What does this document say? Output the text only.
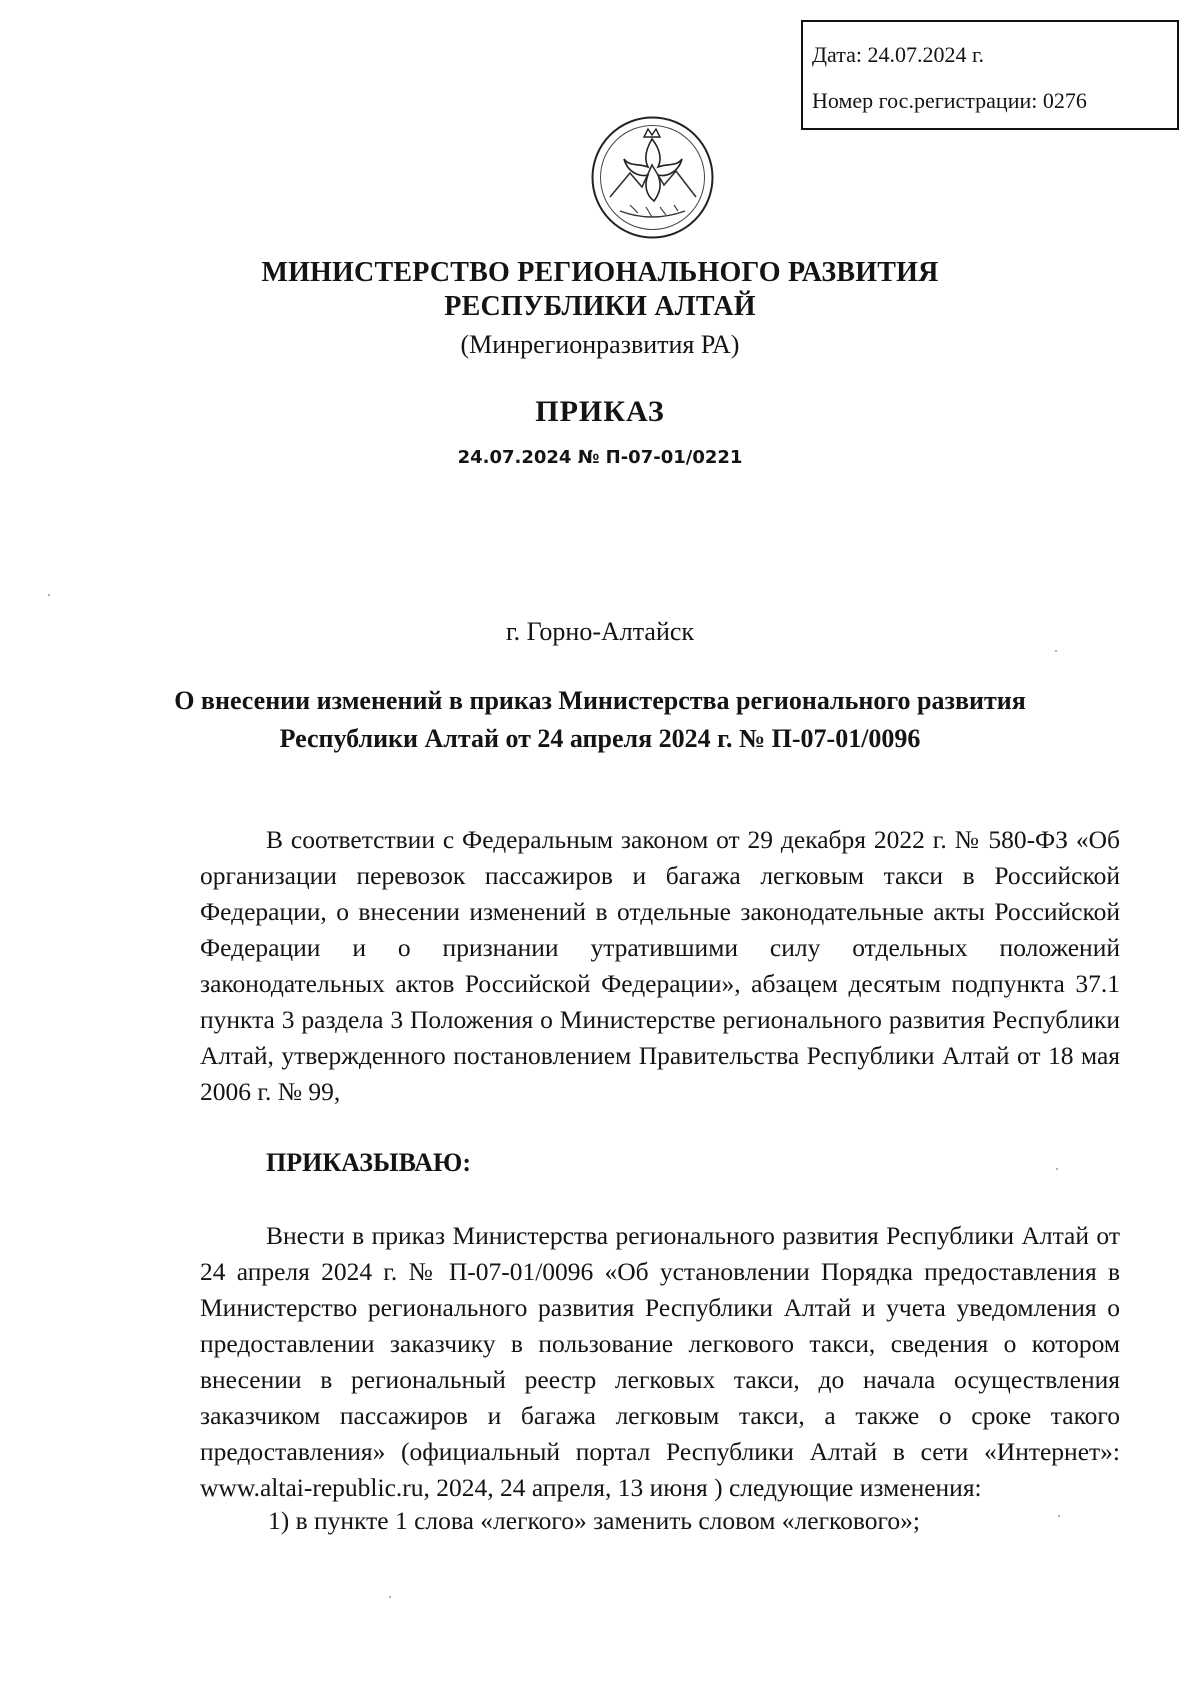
Дата: 24.07.2024 г.
Номер гос.регистрации: 0276
МИНИСТЕРСТВО РЕГИОНАЛЬНОГО РАЗВИТИЯ
РЕСПУБЛИКИ АЛТАЙ
(Минрегионразвития РА)
ПРИКАЗ
24.07.2024 № П-07-01/0221
г. Горно-Алтайск
О внесении изменений в приказ Министерства регионального развития
Республики Алтай от 24 апреля 2024 г. № П-07-01/0096

В соответствии с Федеральным законом от 29 декабря 2022 г. № 580-ФЗ «Об организации перевозок пассажиров и багажа легковым такси в Российской Федерации, о внесении изменений в отдельные законодательные акты Российской Федерации и о признании утратившими силу отдельных положений законодательных актов Российской Федерации», абзацем десятым подпункта 37.1 пункта 3 раздела 3 Положения о Министерстве регионального развития Республики Алтай, утвержденного постановлением Правительства Республики Алтай от 18 мая 2006 г. № 99,

ПРИКАЗЫВАЮ:

Внести в приказ Министерства регионального развития Республики Алтай от 24 апреля 2024 г. № П-07-01/0096 «Об установлении Порядка предоставления в Министерство регионального развития Республики Алтай и учета уведомления о предоставлении заказчику в пользование легкового такси, сведения о котором внесении в региональный реестр легковых такси, до начала осуществления заказчиком пассажиров и багажа легковым такси, а также о сроке такого предоставления» (официальный портал Республики Алтай в сети «Интернет»: www.altai-republic.ru, 2024, 24 апреля, 13 июня ) следующие изменения:

1) в пункте 1 слова «легкого» заменить словом «легкового»;
